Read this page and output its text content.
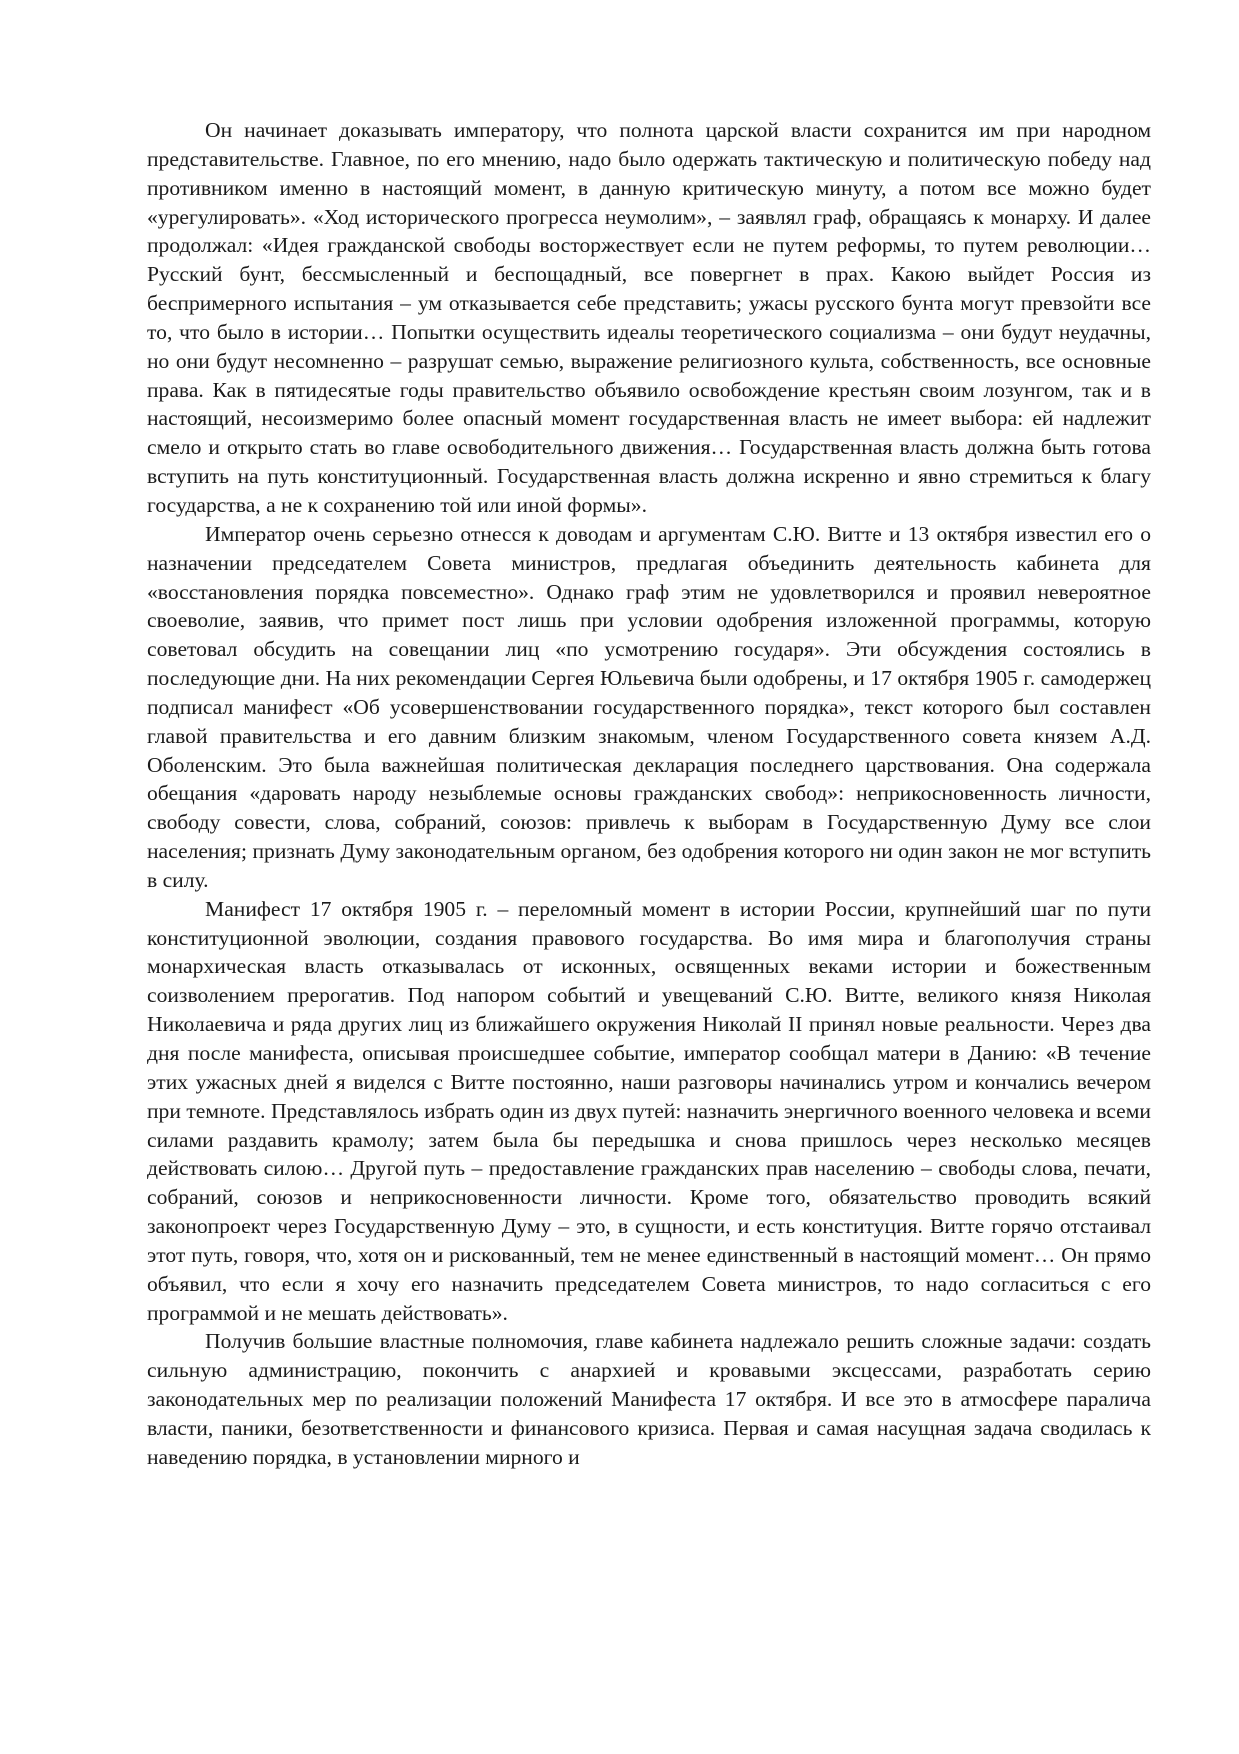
Он начинает доказывать императору, что полнота царской власти сохранится им при народном представительстве. Главное, по его мнению, надо было одержать тактическую и политическую победу над противником именно в настоящий момент, в данную критическую минуту, а потом все можно будет «урегулировать». «Ход исторического прогресса неумолим», – заявлял граф, обращаясь к монарху. И далее продолжал: «Идея гражданской свободы восторжествует если не путем реформы, то путем революции… Русский бунт, бессмысленный и беспощадный, все повергнет в прах. Какою выйдет Россия из беспримерного испытания – ум отказывается себе представить; ужасы русского бунта могут превзойти все то, что было в истории… Попытки осуществить идеалы теоретического социализма – они будут неудачны, но они будут несомненно – разрушат семью, выражение религиозного культа, собственность, все основные права. Как в пятидесятые годы правительство объявило освобождение крестьян своим лозунгом, так и в настоящий, несоизмеримо более опасный момент государственная власть не имеет выбора: ей надлежит смело и открыто стать во главе освободительного движения… Государственная власть должна быть готова вступить на путь конституционный. Государственная власть должна искренно и явно стремиться к благу государства, а не к сохранению той или иной формы».

Император очень серьезно отнесся к доводам и аргументам С.Ю. Витте и 13 октября известил его о назначении председателем Совета министров, предлагая объединить деятельность кабинета для «восстановления порядка повсеместно». Однако граф этим не удовлетворился и проявил невероятное своеволие, заявив, что примет пост лишь при условии одобрения изложенной программы, которую советовал обсудить на совещании лиц «по усмотрению государя». Эти обсуждения состоялись в последующие дни. На них рекомендации Сергея Юльевича были одобрены, и 17 октября 1905 г. самодержец подписал манифест «Об усовершенствовании государственного порядка», текст которого был составлен главой правительства и его давним близким знакомым, членом Государственного совета князем А.Д. Оболенским. Это была важнейшая политическая декларация последнего царствования. Она содержала обещания «даровать народу незыблемые основы гражданских свобод»: неприкосновенность личности, свободу совести, слова, собраний, союзов: привлечь к выборам в Государственную Думу все слои населения; признать Думу законодательным органом, без одобрения которого ни один закон не мог вступить в силу.

Манифест 17 октября 1905 г. – переломный момент в истории России, крупнейший шаг по пути конституционной эволюции, создания правового государства. Во имя мира и благополучия страны монархическая власть отказывалась от исконных, освященных веками истории и божественным соизволением прерогатив. Под напором событий и увещеваний С.Ю. Витте, великого князя Николая Николаевича и ряда других лиц из ближайшего окружения Николай II принял новые реальности. Через два дня после манифеста, описывая происшедшее событие, император сообщал матери в Данию: «В течение этих ужасных дней я виделся с Витте постоянно, наши разговоры начинались утром и кончались вечером при темноте. Представлялось избрать один из двух путей: назначить энергичного военного человека и всеми силами раздавить крамолу; затем была бы передышка и снова пришлось через несколько месяцев действовать силою… Другой путь – предоставление гражданских прав населению – свободы слова, печати, собраний, союзов и неприкосновенности личности. Кроме того, обязательство проводить всякий законопроект через Государственную Думу – это, в сущности, и есть конституция. Витте горячо отстаивал этот путь, говоря, что, хотя он и рискованный, тем не менее единственный в настоящий момент… Он прямо объявил, что если я хочу его назначить председателем Совета министров, то надо согласиться с его программой и не мешать действовать».

Получив большие властные полномочия, главе кабинета надлежало решить сложные задачи: создать сильную администрацию, покончить с анархией и кровавыми эксцессами, разработать серию законодательных мер по реализации положений Манифеста 17 октября. И все это в атмосфере паралича власти, паники, безответственности и финансового кризиса. Первая и самая насущная задача сводилась к наведению порядка, в установлении мирного и
